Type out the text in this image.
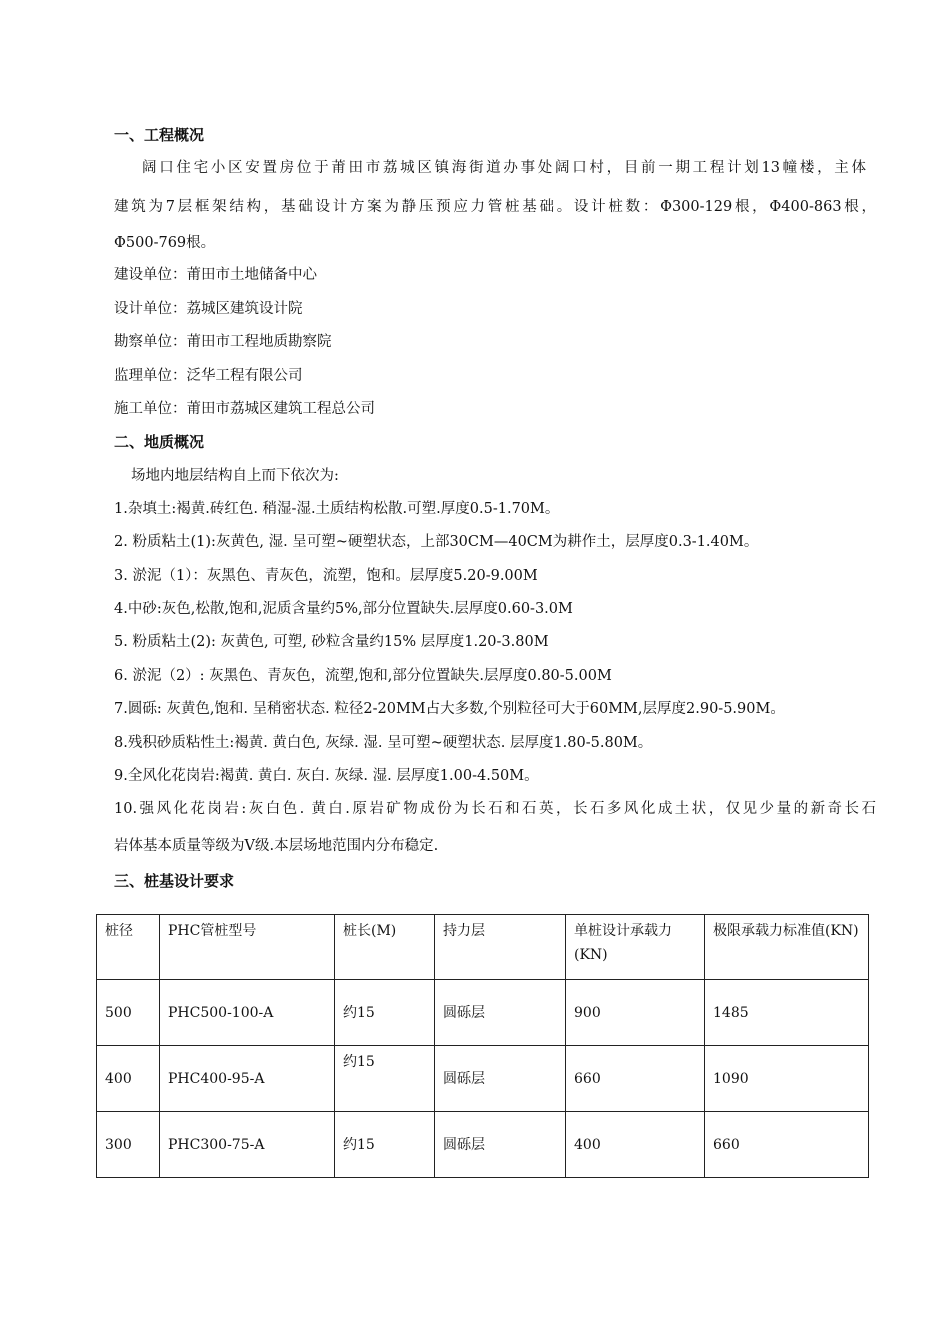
一、工程概况
阔口住宅小区安置房位于莆田市荔城区镇海街道办事处阔口村，目前一期工程计划13幢楼，主体
建筑为7层框架结构，基础设计方案为静压预应力管桩基础。设计桩数：Φ300-129根，Φ400-863根，
Φ500-769根。
建设单位：莆田市土地储备中心
设计单位：荔城区建筑设计院
勘察单位：莆田市工程地质勘察院
监理单位：泛华工程有限公司
施工单位：莆田市荔城区建筑工程总公司
二、地质概况
场地内地层结构自上而下依次为:
1.杂填土:褐黄.砖红色. 稍湿-湿.土质结构松散.可塑.厚度0.5-1.70M。
2. 粉质粘土(1):灰黄色, 湿. 呈可塑~硬塑状态，上部30CM—40CM为耕作土，层厚度0.3-1.40M。
3. 淤泥（1）：灰黑色、青灰色，流塑，饱和。层厚度5.20-9.00M
4.中砂:灰色,松散,饱和,泥质含量约5%,部分位置缺失.层厚度0.60-3.0M
5. 粉质粘土(2): 灰黄色, 可塑, 砂粒含量约15% 层厚度1.20-3.80M
6. 淤泥（2）: 灰黑色、青灰色，流塑,饱和,部分位置缺失.层厚度0.80-5.00M
7.圆砾: 灰黄色,饱和. 呈稍密状态. 粒径2-20MM占大多数,个别粒径可大于60MM,层厚度2.90-5.90M。
8.残积砂质粘性土:褐黄. 黄白色, 灰绿. 湿. 呈可塑~硬塑状态. 层厚度1.80-5.80M。
9.全风化花岗岩:褐黄. 黄白. 灰白. 灰绿. 湿. 层厚度1.00-4.50M。
10.强风化花岗岩:灰白色. 黄白.原岩矿物成份为长石和石英，长石多风化成土状，仅见少量的新奇长石
岩体基本质量等级为Ⅴ级.本层场地范围内分布稳定.
三、桩基设计要求
桩径	PHC管桩型号	桩长(M)	持力层	单桩设计承载力(KN)	极限承载力标准值(KN)
500	PHC500-100-A	约15	圆砾层	900	1485
400	PHC400-95-A	约15	圆砾层	660	1090
300	PHC300-75-A	约15	圆砾层	400	660
